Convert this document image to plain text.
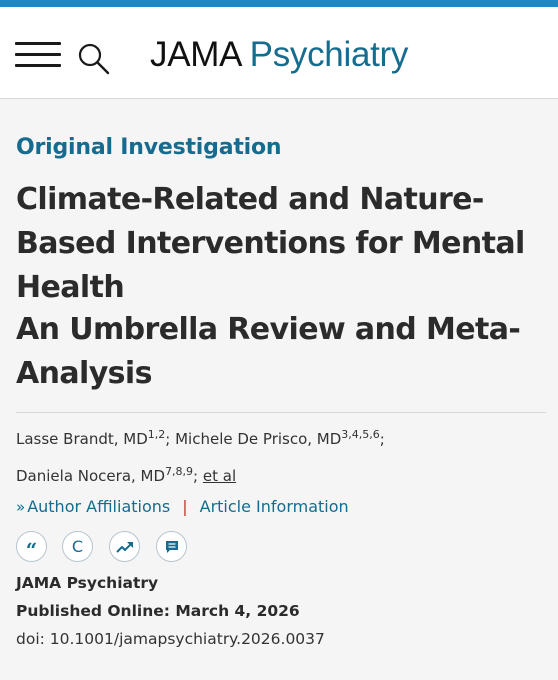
JAMA Psychiatry
Original Investigation
Climate-Related and Nature-Based Interventions for Mental Health
An Umbrella Review and Meta-Analysis
Lasse Brandt, MD$^{1,2}$; Michele De Prisco, MD$^{3,4,5,6}$;
Daniela Nocera, MD$^{7,8,9}$; et al
» Author Affiliations | Article Information
“ C
JAMA Psychiatry
Published Online: March 4, 2026
doi: 10.1001/jamapsychiatry.2026.0037
